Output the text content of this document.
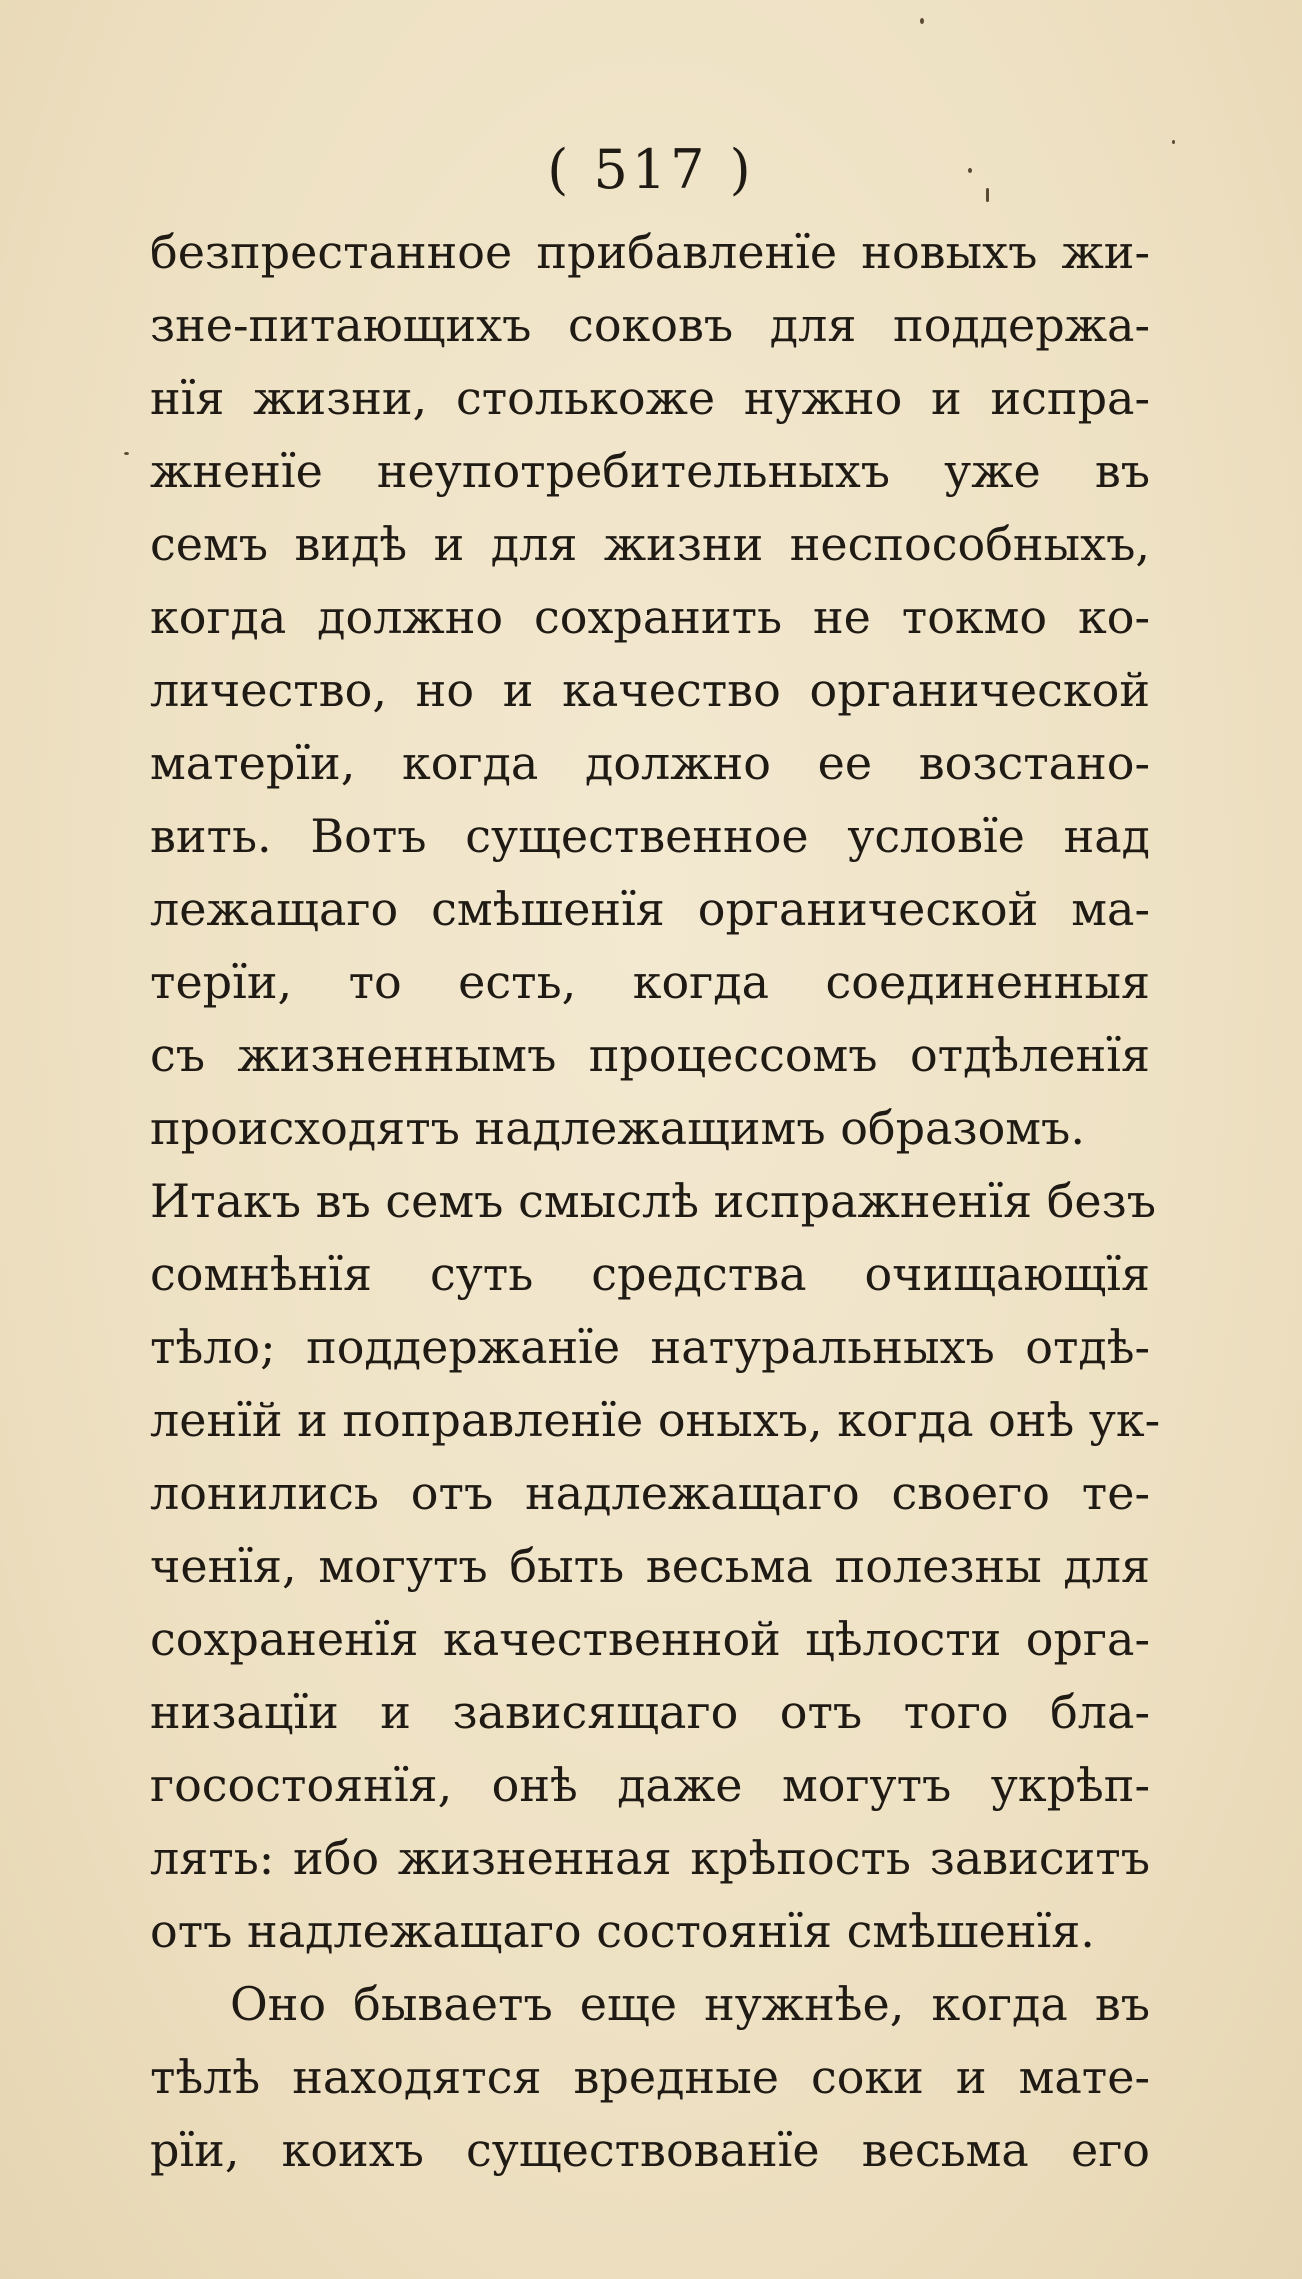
( 517 )
безпрестанное прибавленїе новыхъ жи-
зне-питающихъ соковъ для поддержа-
нїя жизни, столькоже нужно и испра-
жненїе неупотребительныхъ уже въ
семъ видѣ и для жизни неспособныхъ,
когда должно сохранить не токмо ко-
личество, но и качество органической
матерїи, когда должно ее возстано-
вить. Вотъ существенное условїе над
лежащаго смѣшенїя органической ма-
терїи, то есть, когда соединенныя
съ жизненнымъ процессомъ отдѣленїя
происходятъ надлежащимъ образомъ.
Итакъ въ семъ смыслѣ испражненїя безъ
сомнѣнїя суть средства очищающїя
тѣло; поддержанїе натуральныхъ отдѣ-
ленїй и поправленїе оныхъ, когда онѣ ук-
лонились отъ надлежащаго своего те-
ченїя, могутъ быть весьма полезны для
сохраненїя качественной цѣлости орга-
низацїи и зависящаго отъ того бла-
госостоянїя, онѣ даже могутъ укрѣп-
лять: ибо жизненная крѣпость зависитъ
отъ надлежащаго состоянїя смѣшенїя.
Оно бываетъ еще нужнѣе, когда въ
тѣлѣ находятся вредные соки и мате-
рїи, коихъ существованїе весьма его
